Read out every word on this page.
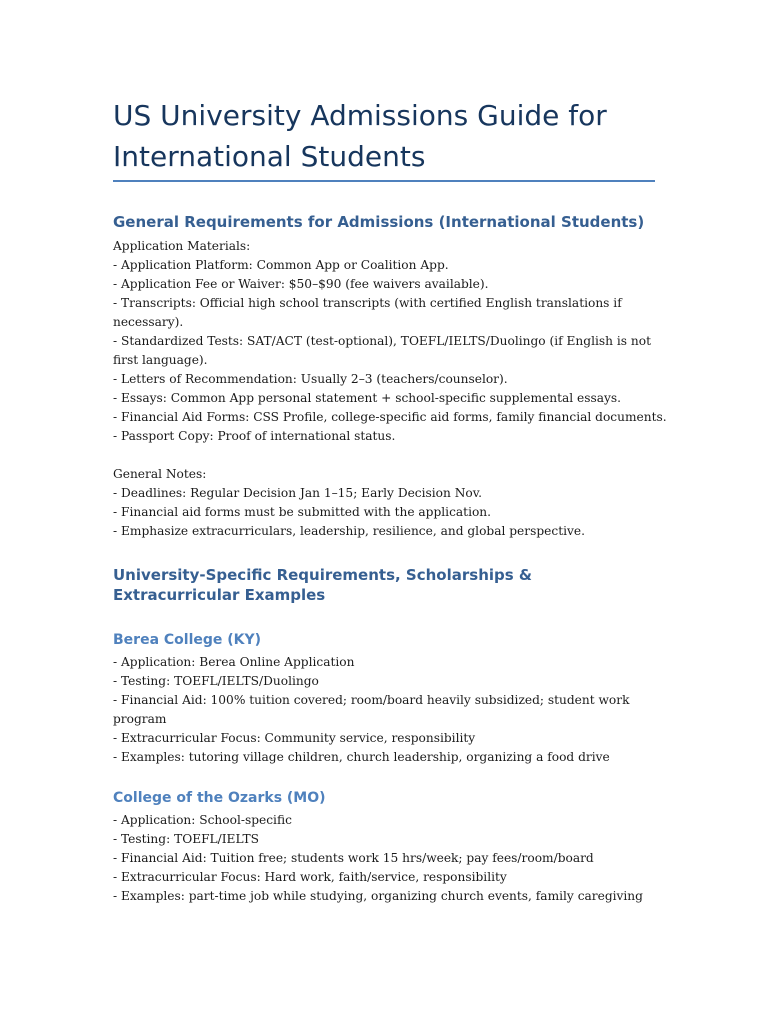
US University Admissions Guide for International Students
General Requirements for Admissions (International Students)

Application Materials:

- Application Platform: Common App or Coalition App.

- Application Fee or Waiver: $50–$90 (fee waivers available).

- Transcripts: Official high school transcripts (with certified English translations if necessary).

- Standardized Tests: SAT/ACT (test-optional), TOEFL/IELTS/Duolingo (if English is not first language).

- Letters of Recommendation: Usually 2–3 (teachers/counselor).

- Essays: Common App personal statement + school-specific supplemental essays.

- Financial Aid Forms: CSS Profile, college-specific aid forms, family financial documents.

- Passport Copy: Proof of international status.

General Notes:

- Deadlines: Regular Decision Jan 1–15; Early Decision Nov.

- Financial aid forms must be submitted with the application.

- Emphasize extracurriculars, leadership, resilience, and global perspective.

University-Specific Requirements, Scholarships & Extracurricular Examples
Berea College (KY)

- Application: Berea Online Application

- Testing: TOEFL/IELTS/Duolingo

- Financial Aid: 100% tuition covered; room/board heavily subsidized; student work program

- Extracurricular Focus: Community service, responsibility

- Examples: tutoring village children, church leadership, organizing a food drive

College of the Ozarks (MO)

- Application: School-specific

- Testing: TOEFL/IELTS

- Financial Aid: Tuition free; students work 15 hrs/week; pay fees/room/board

- Extracurricular Focus: Hard work, faith/service, responsibility

- Examples: part-time job while studying, organizing church events, family caregiving
